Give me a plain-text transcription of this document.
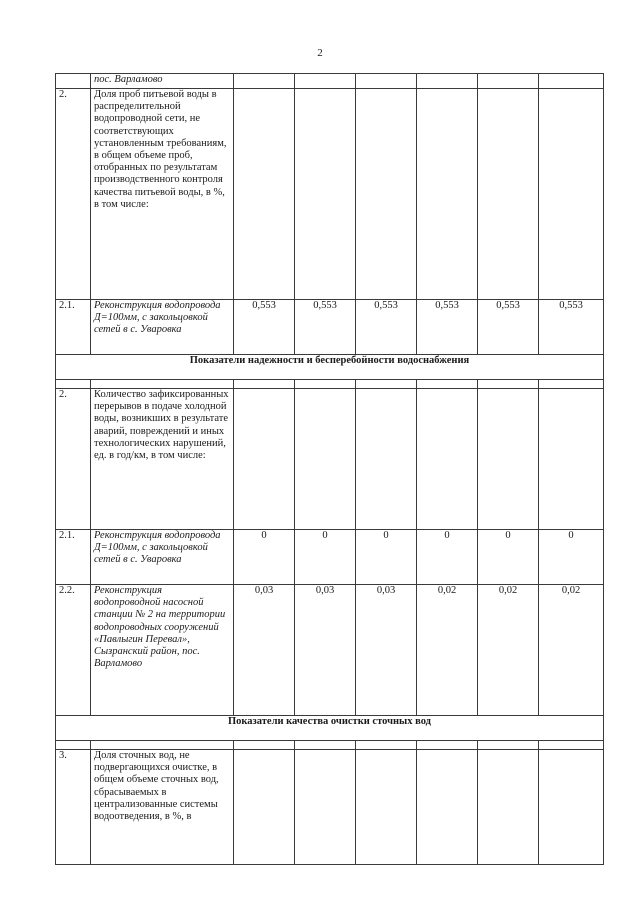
2
	пос. Варламово						
2.	Доля проб питьевой воды в распределительной водопроводной сети, не соответствующих установленным требованиям, в общем объеме проб, отобранных по результатам производственного контроля качества питьевой воды, в %, в том числе:						
2.1.	Реконструкция водопровода Д=100мм, с закольцовкой сетей в с. Уваровка	0,553	0,553	0,553	0,553	0,553	0,553
Показатели надежности и бесперебойности водоснабжения							

2.	Количество зафиксированных перерывов в подаче холодной воды, возникших в результате аварий, повреждений и иных технологических нарушений, ед. в год/км, в том числе:						
2.1.	Реконструкция водопровода Д=100мм, с закольцовкой сетей в с. Уваровка	0	0	0	0	0	0
2.2.	Реконструкция водопроводной насосной станции № 2 на территории водопроводных сооружений «Павлыгин Перевал», Сызранский район, пос. Варламово	0,03	0,03	0,03	0,02	0,02	0,02
Показатели качества очистки сточных вод							

3.	Доля сточных вод, не подвергающихся очистке, в общем объеме сточных вод, сбрасываемых в централизованные системы водоотведения, в %, в						
